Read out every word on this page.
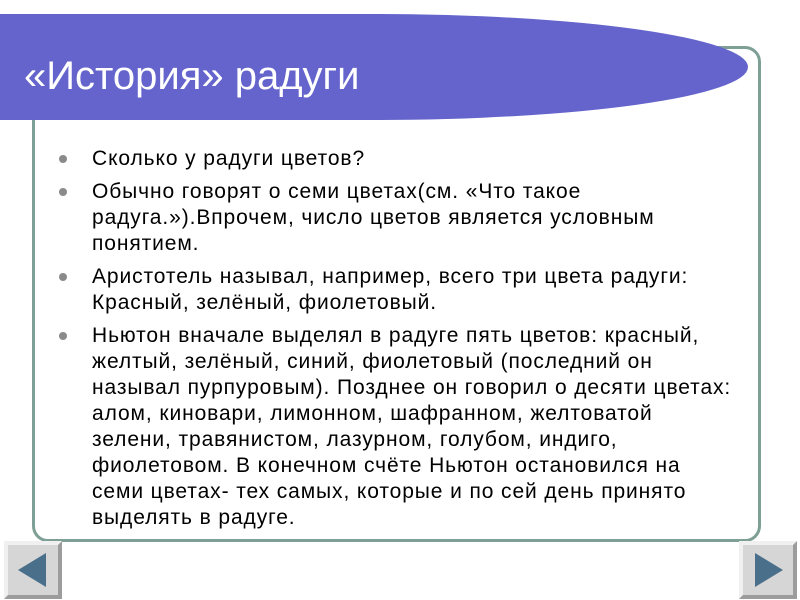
«История» радуги
Сколько у радуги цветов?
Обычно говорят о семи цветах(см. «Что такое радуга.»).Впрочем, число цветов является условным понятием.
Аристотель называл, например, всего три цвета радуги: Красный, зелёный, фиолетовый.
Ньютон вначале выделял в радуге пять цветов: красный, желтый, зелёный, синий, фиолетовый (последний он называл пурпуровым). Позднее он говорил о десяти цветах: алом, киновари, лимонном, шафранном, желтоватой зелени, травянистом, лазурном, голубом, индиго, фиолетовом. В конечном счёте Ньютон остановился на семи цветах- тех самых, которые и по сей день принято выделять в радуге.
